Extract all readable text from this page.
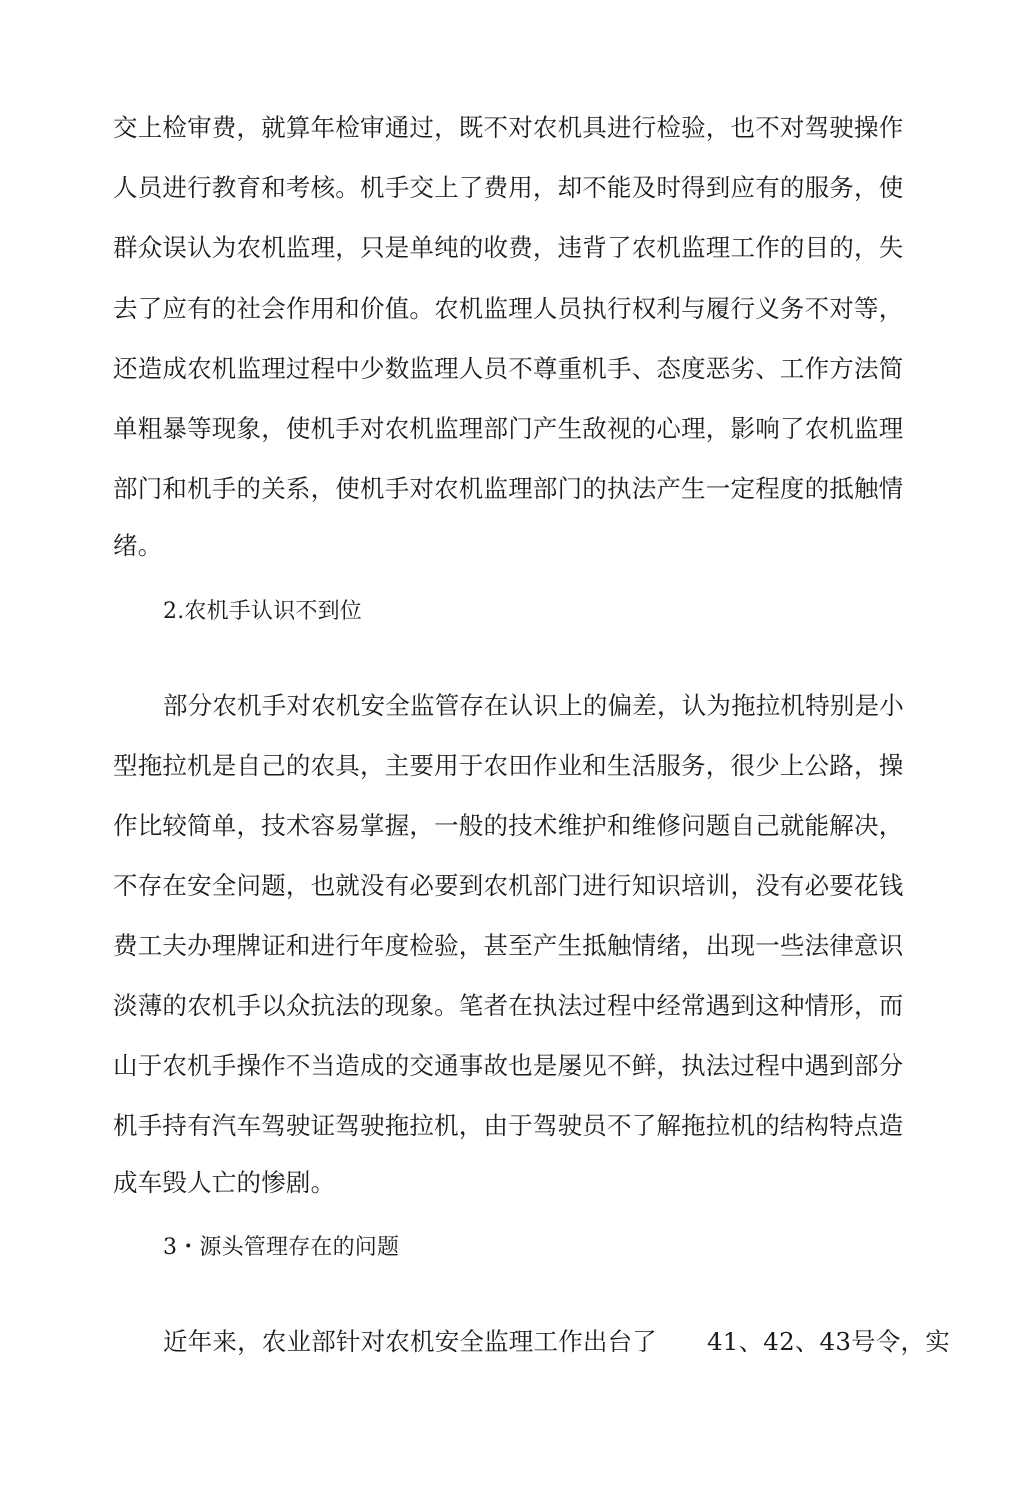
交上检审费，就算年检审通过，既不对农机具进行检验，也不对驾驶操作
人员进行教育和考核。机手交上了费用，却不能及时得到应有的服务，使
群众误认为农机监理，只是单纯的收费，违背了农机监理工作的目的，失
去了应有的社会作用和价值。农机监理人员执行权利与履行义务不对等，
还造成农机监理过程中少数监理人员不尊重机手、态度恶劣、工作方法简
单粗暴等现象，使机手对农机监理部门产生敌视的心理，影响了农机监理
部门和机手的关系，使机手对农机监理部门的执法产生一定程度的抵触情
绪。
2.农机手认识不到位
部分农机手对农机安全监管存在认识上的偏差，认为拖拉机特别是小
型拖拉机是自己的农具，主要用于农田作业和生活服务，很少上公路，操
作比较简单，技术容易掌握，一般的技术维护和维修问题自己就能解决，
不存在安全问题，也就没有必要到农机部门进行知识培训，没有必要花钱
费工夫办理牌证和进行年度检验，甚至产生抵触情绪，出现一些法律意识
淡薄的农机手以众抗法的现象。笔者在执法过程中经常遇到这种情形，而
山于农机手操作不当造成的交通事故也是屡见不鲜，执法过程中遇到部分
机手持有汽车驾驶证驾驶拖拉机，由于驾驶员不了解拖拉机的结构特点造
成车毁人亡的惨剧。
3・源头管理存在的问题
近年来，农业部针对农机安全监理工作出台了 41、42、43号令，实
